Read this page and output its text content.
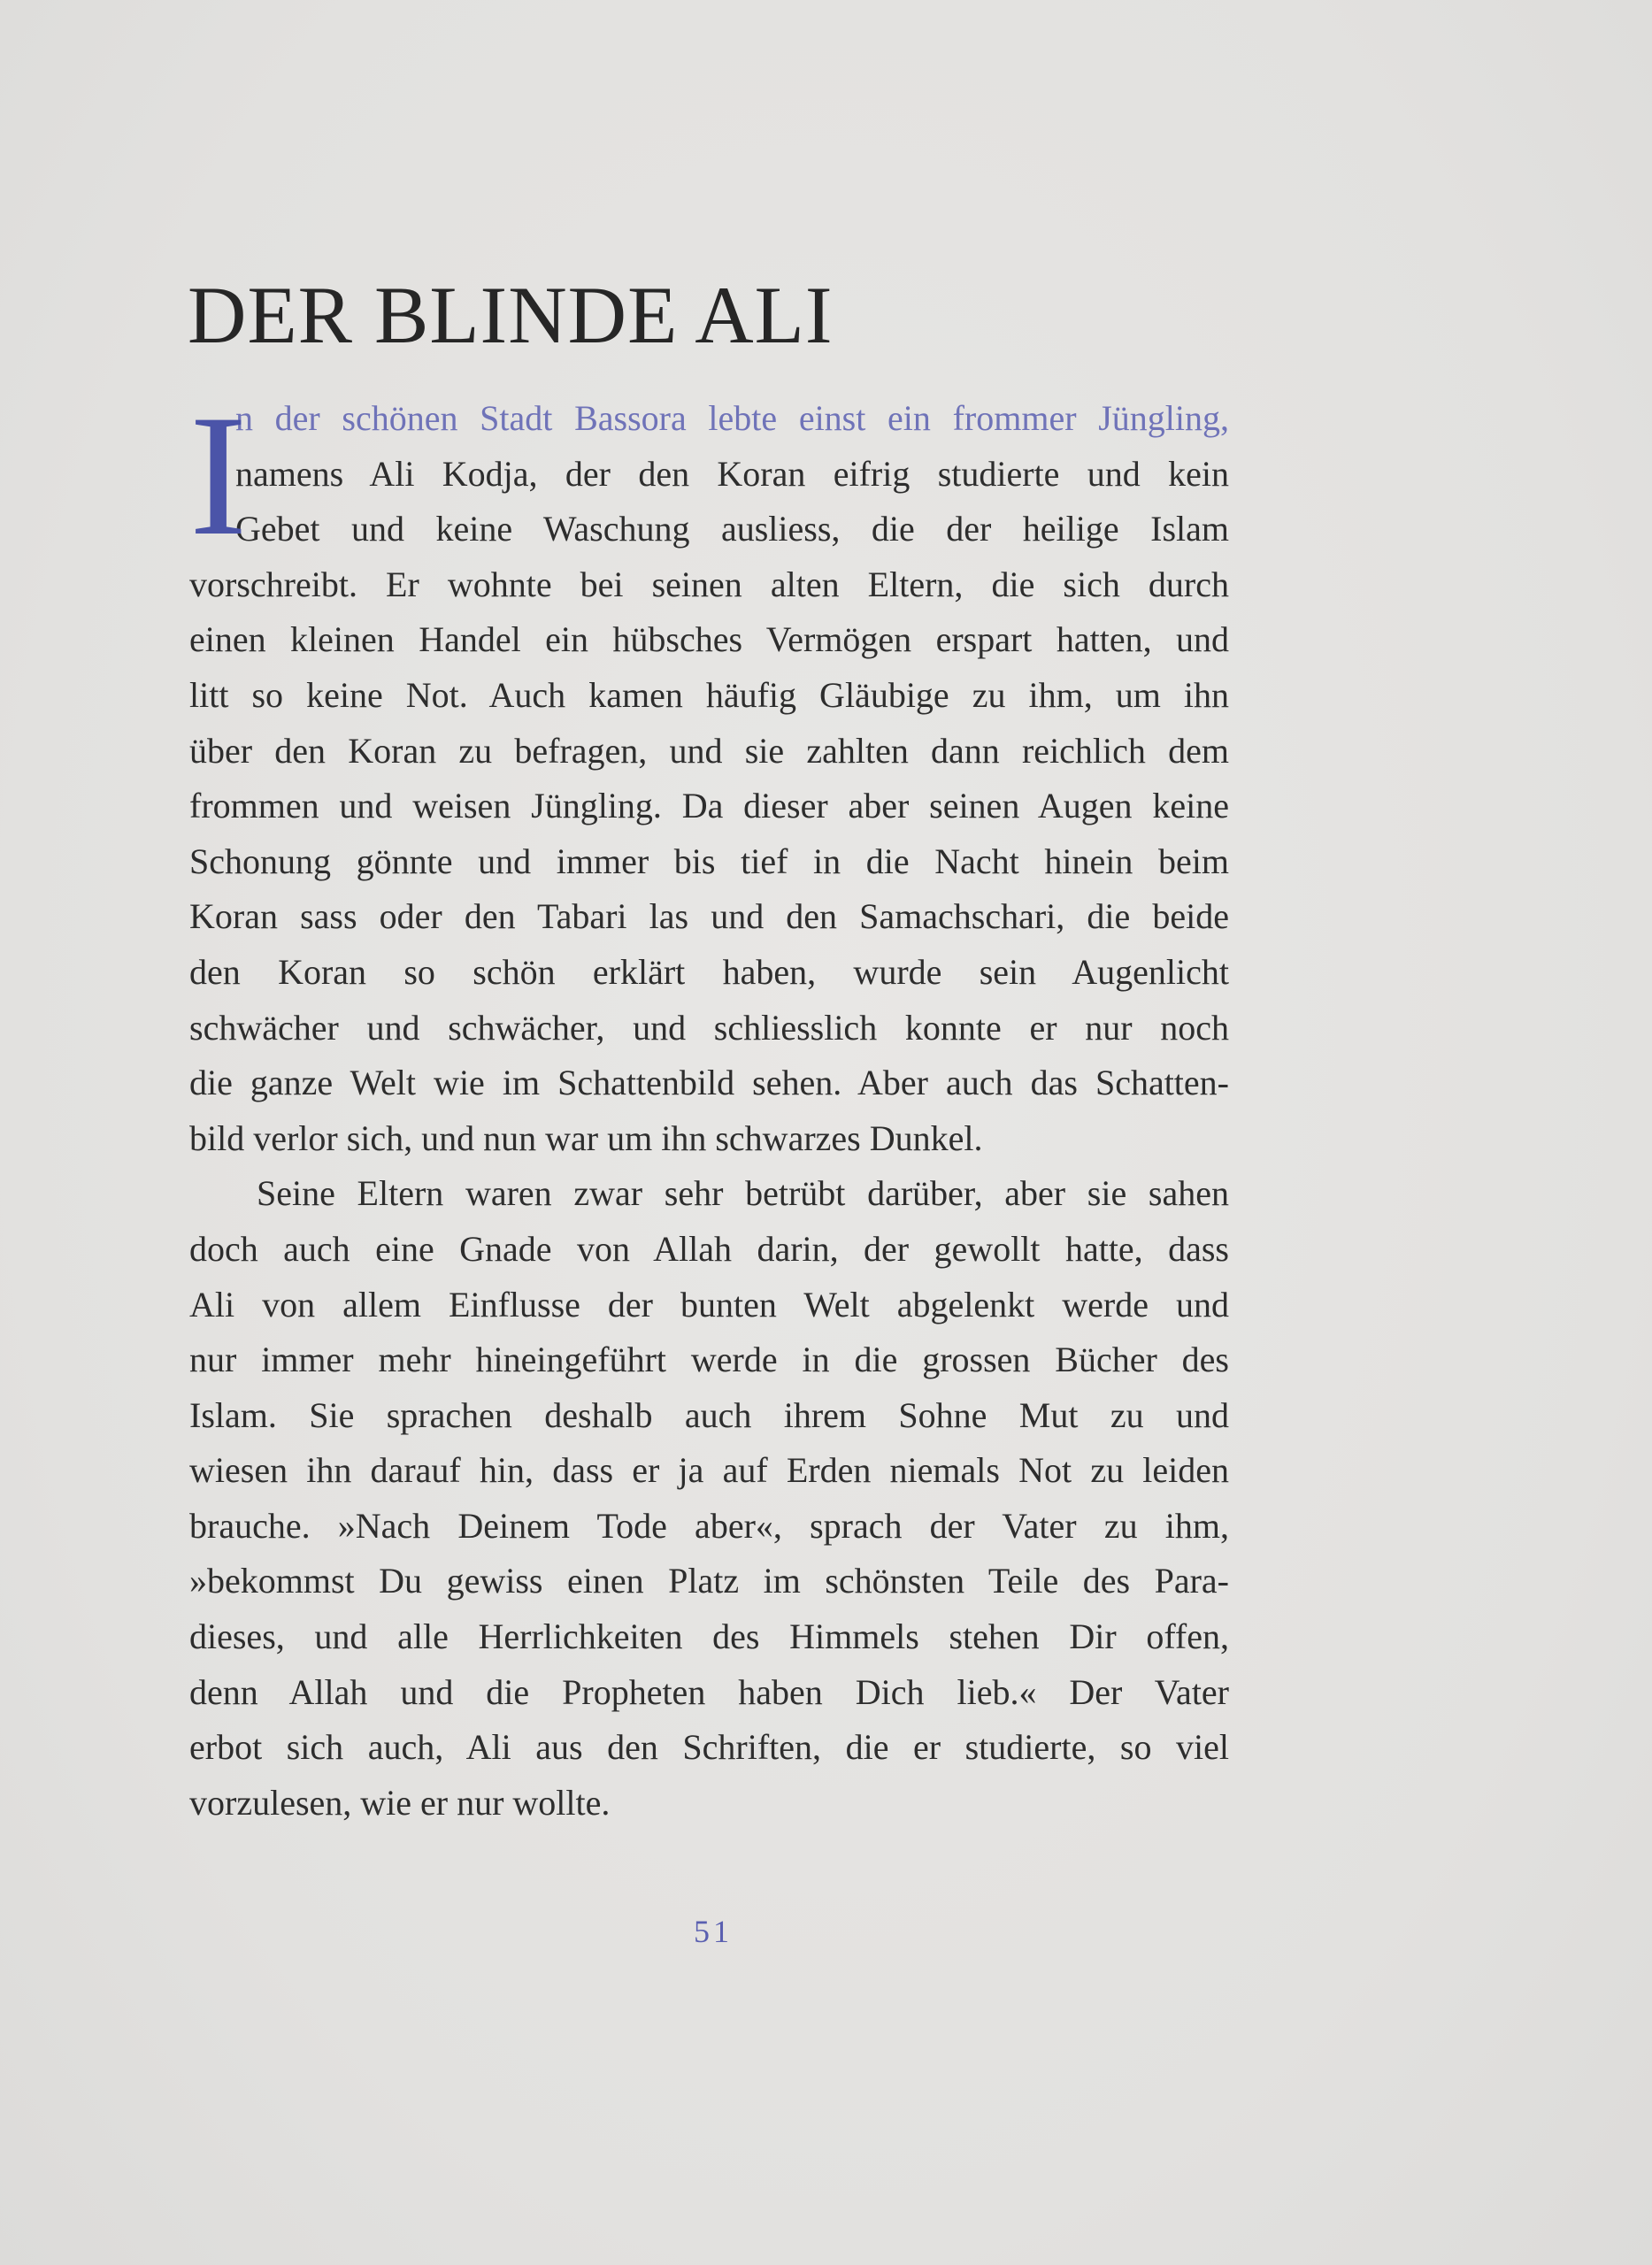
DER BLINDE ALI
I
n der schönen Stadt Bassora lebte einst ein frommer Jüngling,
namens Ali Kodja, der den Koran eifrig studierte und kein
Gebet und keine Waschung ausliess, die der heilige Islam
vorschreibt. Er wohnte bei seinen alten Eltern, die sich durch
einen kleinen Handel ein hübsches Vermögen erspart hatten, und
litt so keine Not. Auch kamen häufig Gläubige zu ihm, um ihn
über den Koran zu befragen, und sie zahlten dann reichlich dem
frommen und weisen Jüngling. Da dieser aber seinen Augen keine
Schonung gönnte und immer bis tief in die Nacht hinein beim
Koran sass oder den Tabari las und den Samachschari, die beide
den Koran so schön erklärt haben, wurde sein Augenlicht
schwächer und schwächer, und schliesslich konnte er nur noch
die ganze Welt wie im Schattenbild sehen. Aber auch das Schatten-
bild verlor sich, und nun war um ihn schwarzes Dunkel.
Seine Eltern waren zwar sehr betrübt darüber, aber sie sahen
doch auch eine Gnade von Allah darin, der gewollt hatte, dass
Ali von allem Einflusse der bunten Welt abgelenkt werde und
nur immer mehr hineingeführt werde in die grossen Bücher des
Islam. Sie sprachen deshalb auch ihrem Sohne Mut zu und
wiesen ihn darauf hin, dass er ja auf Erden niemals Not zu leiden
brauche. »Nach Deinem Tode aber«, sprach der Vater zu ihm,
»bekommst Du gewiss einen Platz im schönsten Teile des Para-
dieses, und alle Herrlichkeiten des Himmels stehen Dir offen,
denn Allah und die Propheten haben Dich lieb.« Der Vater
erbot sich auch, Ali aus den Schriften, die er studierte, so viel
vorzulesen, wie er nur wollte.
51
